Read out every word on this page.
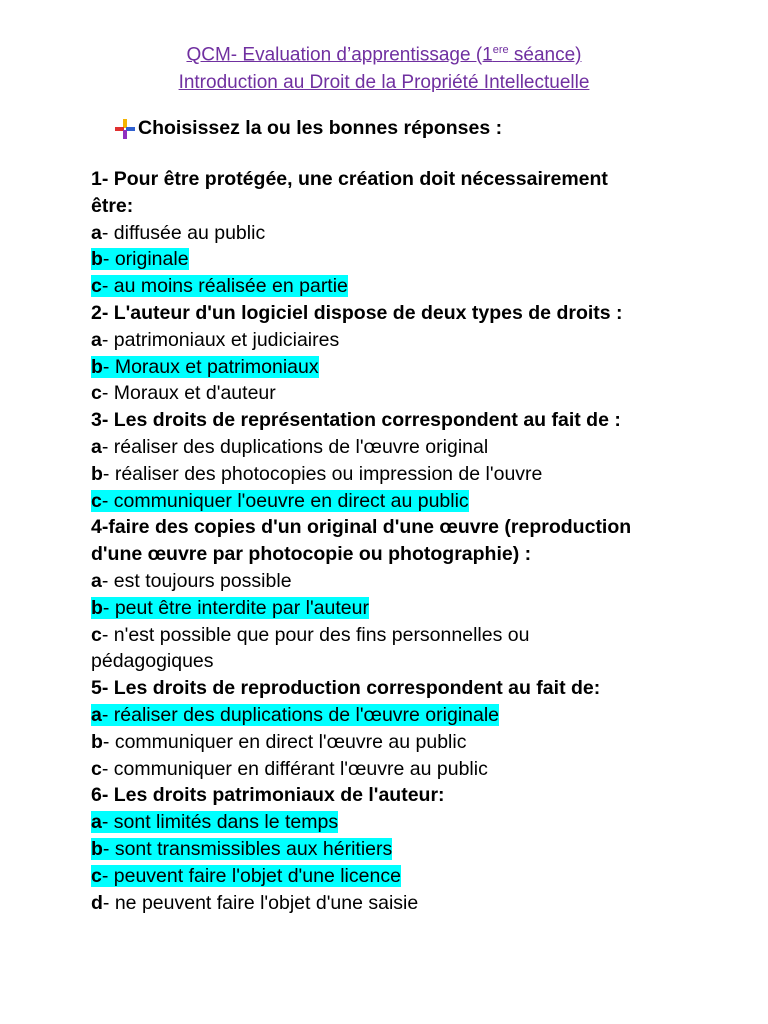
QCM- Evaluation d’apprentissage (1ere séance)
Introduction au Droit de la Propriété Intellectuelle
Choisissez la ou les bonnes réponses :
1- Pour être protégée, une création doit nécessairement
être:
a- diffusée au public
b- originale
c- au moins réalisée en partie
2- L'auteur d'un logiciel dispose de deux types de droits :
a- patrimoniaux et judiciaires
b- Moraux et patrimoniaux
c- Moraux et d'auteur
3- Les droits de représentation correspondent au fait de :
a- réaliser des duplications de l'œuvre original
b- réaliser des photocopies ou impression de l'ouvre
c- communiquer l'oeuvre en direct au public
4-faire des copies d'un original d'une œuvre (reproduction
d'une œuvre par photocopie ou photographie) :
a- est toujours possible
b- peut être interdite par l'auteur
c- n'est possible que pour des fins personnelles ou
pédagogiques
5- Les droits de reproduction correspondent au fait de:
a- réaliser des duplications de l'œuvre originale
b- communiquer en direct l'œuvre au public
c- communiquer en différant l'œuvre au public
6- Les droits patrimoniaux de l'auteur:
a- sont limités dans le temps
b- sont transmissibles aux héritiers
c- peuvent faire l'objet d'une licence
d- ne peuvent faire l'objet d'une saisie
